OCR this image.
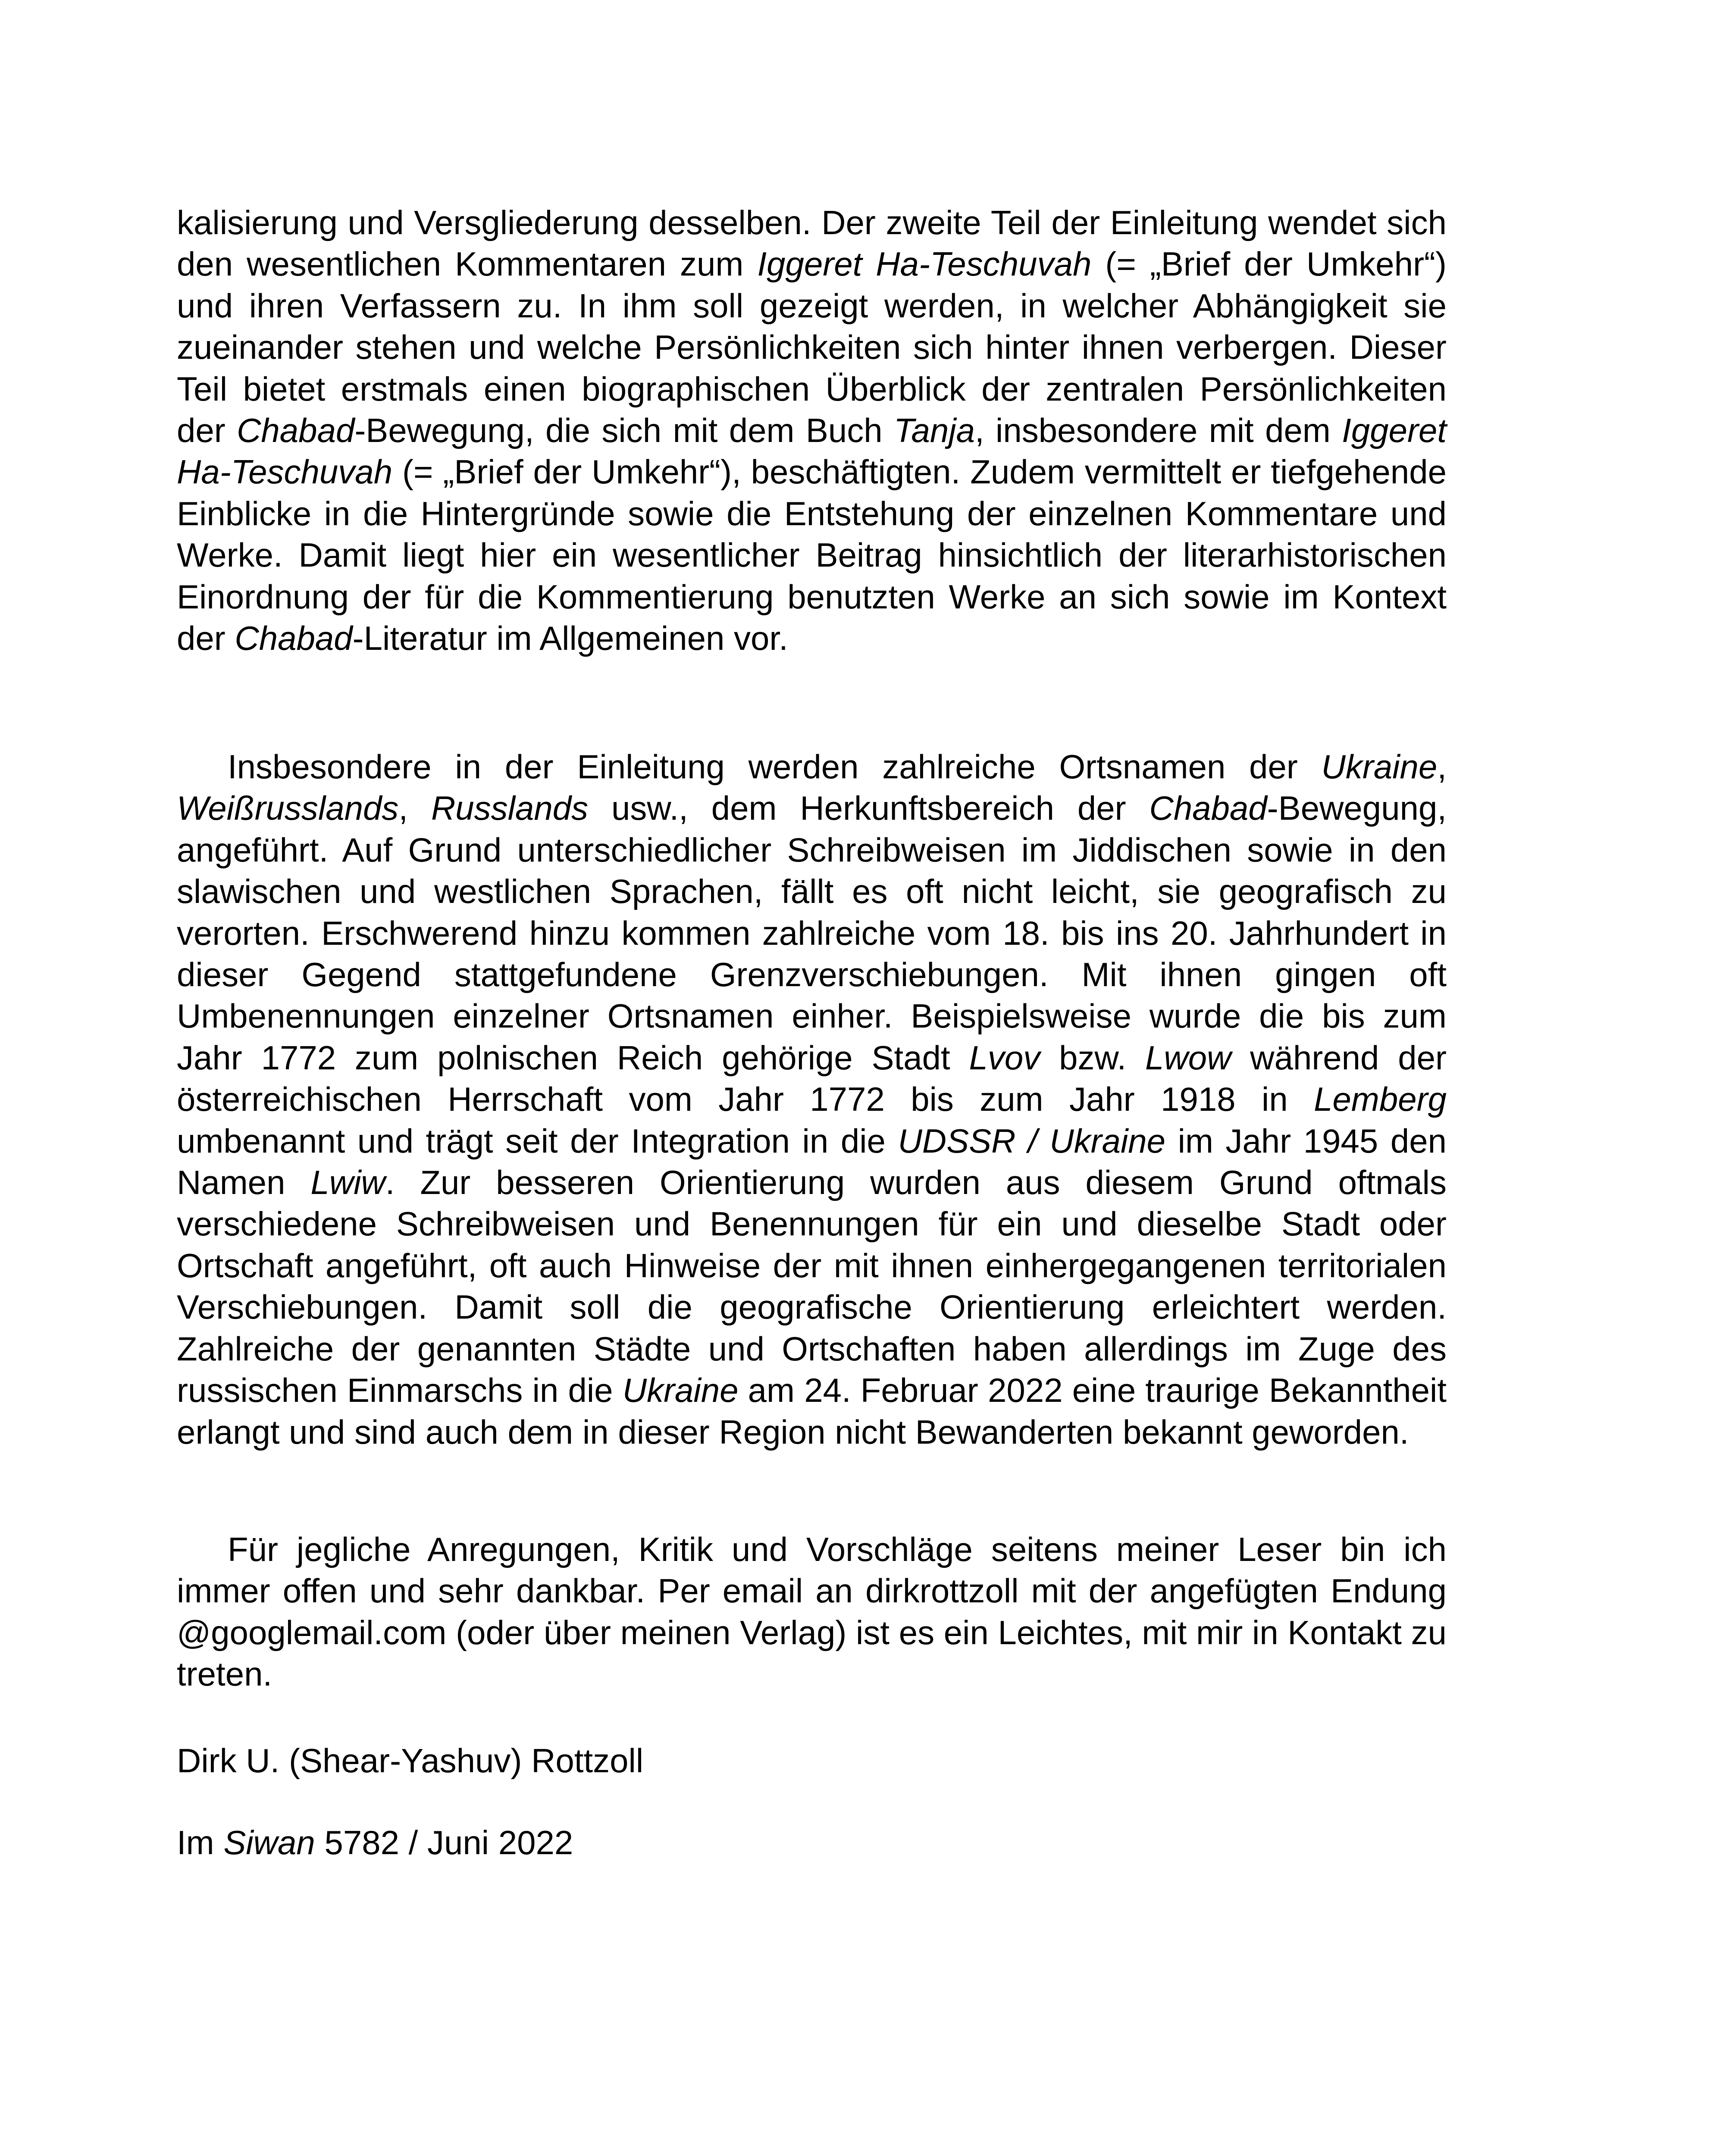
kalisierung und Versgliederung desselben. Der zweite Teil der Einleitung wendet sich den wesentlichen Kommentaren zum Iggeret Ha-Teschuvah (= „Brief der Umkehr“) und ihren Verfassern zu. In ihm soll gezeigt werden, in welcher Abhängigkeit sie zueinander stehen und welche Persönlichkeiten sich hinter ihnen verbergen. Dieser Teil bietet erstmals einen biographischen Überblick der zentralen Persönlichkeiten der Chabad-Bewegung, die sich mit dem Buch Tanja, insbesondere mit dem Iggeret Ha-Teschuvah (= „Brief der Umkehr“), beschäftigten. Zudem vermittelt er tiefgehende Einblicke in die Hintergründe sowie die Entstehung der einzelnen Kommentare und Werke. Damit liegt hier ein wesentlicher Beitrag hinsichtlich der literarhistorischen Einordnung der für die Kommentierung benutzten Werke an sich sowie im Kontext der Chabad-Literatur im Allgemeinen vor.
Insbesondere in der Einleitung werden zahlreiche Ortsnamen der Ukraine, Weißrusslands, Russlands usw., dem Herkunftsbereich der Chabad-Bewegung, angeführt. Auf Grund unterschiedlicher Schreibweisen im Jiddischen sowie in den slawischen und westlichen Sprachen, fällt es oft nicht leicht, sie geografisch zu verorten. Erschwerend hinzu kommen zahlreiche vom 18. bis ins 20. Jahrhundert in dieser Gegend stattgefundene Grenzverschiebungen. Mit ihnen gingen oft Umbenennungen einzelner Ortsnamen einher. Beispielsweise wurde die bis zum Jahr 1772 zum polnischen Reich gehörige Stadt Lvov bzw. Lwow während der österreichischen Herrschaft vom Jahr 1772 bis zum Jahr 1918 in Lemberg umbenannt und trägt seit der Integration in die UDSSR / Ukraine im Jahr 1945 den Namen Lwiw. Zur besseren Orientierung wurden aus diesem Grund oftmals verschiedene Schreibweisen und Benennungen für ein und dieselbe Stadt oder Ortschaft angeführt, oft auch Hinweise der mit ihnen einhergegangenen territorialen Verschiebungen. Damit soll die geografische Orientierung erleichtert werden. Zahlreiche der genannten Städte und Ortschaften haben allerdings im Zuge des russischen Einmarschs in die Ukraine am 24. Februar 2022 eine traurige Bekanntheit erlangt und sind auch dem in dieser Region nicht Bewanderten bekannt geworden.
Für jegliche Anregungen, Kritik und Vorschläge seitens meiner Leser bin ich immer offen und sehr dankbar. Per email an dirkrottzoll mit der angefügten Endung @googlemail.com (oder über meinen Verlag) ist es ein Leichtes, mit mir in Kontakt zu treten.
Dirk U. (Shear-Yashuv) Rottzoll
Im Siwan 5782 / Juni 2022
